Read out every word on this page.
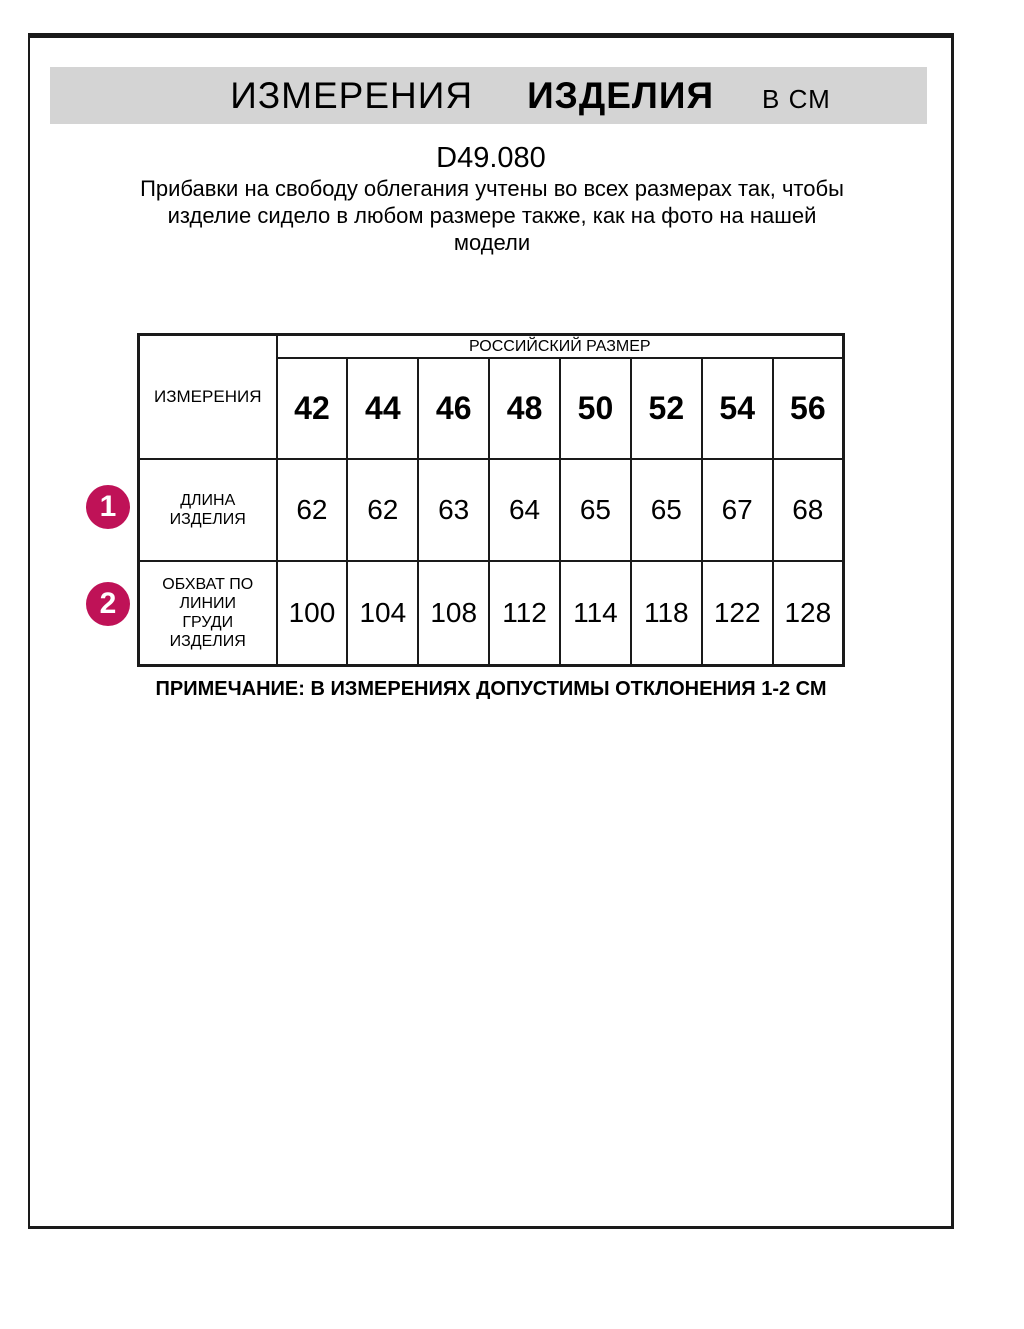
ИЗМЕРЕНИЯ ИЗДЕЛИЯ В СМ
D49.080
Прибавки на свободу облегания учтены во всех размерах так, чтобы изделие сидело в любом размере также, как на фото на нашей модели
ИЗМЕРЕНИЯ	РОССИЙСКИЙ РАЗМЕР							
	42	44	46	48	50	52	54	56
ДЛИНА ИЗДЕЛИЯ	62	62	63	64	65	65	67	68
ОБХВАТ ПО ЛИНИИ ГРУДИ ИЗДЕЛИЯ	100	104	108	112	114	118	122	128
1
2
ПРИМЕЧАНИЕ: В ИЗМЕРЕНИЯХ ДОПУСТИМЫ ОТКЛОНЕНИЯ 1-2 СМ
